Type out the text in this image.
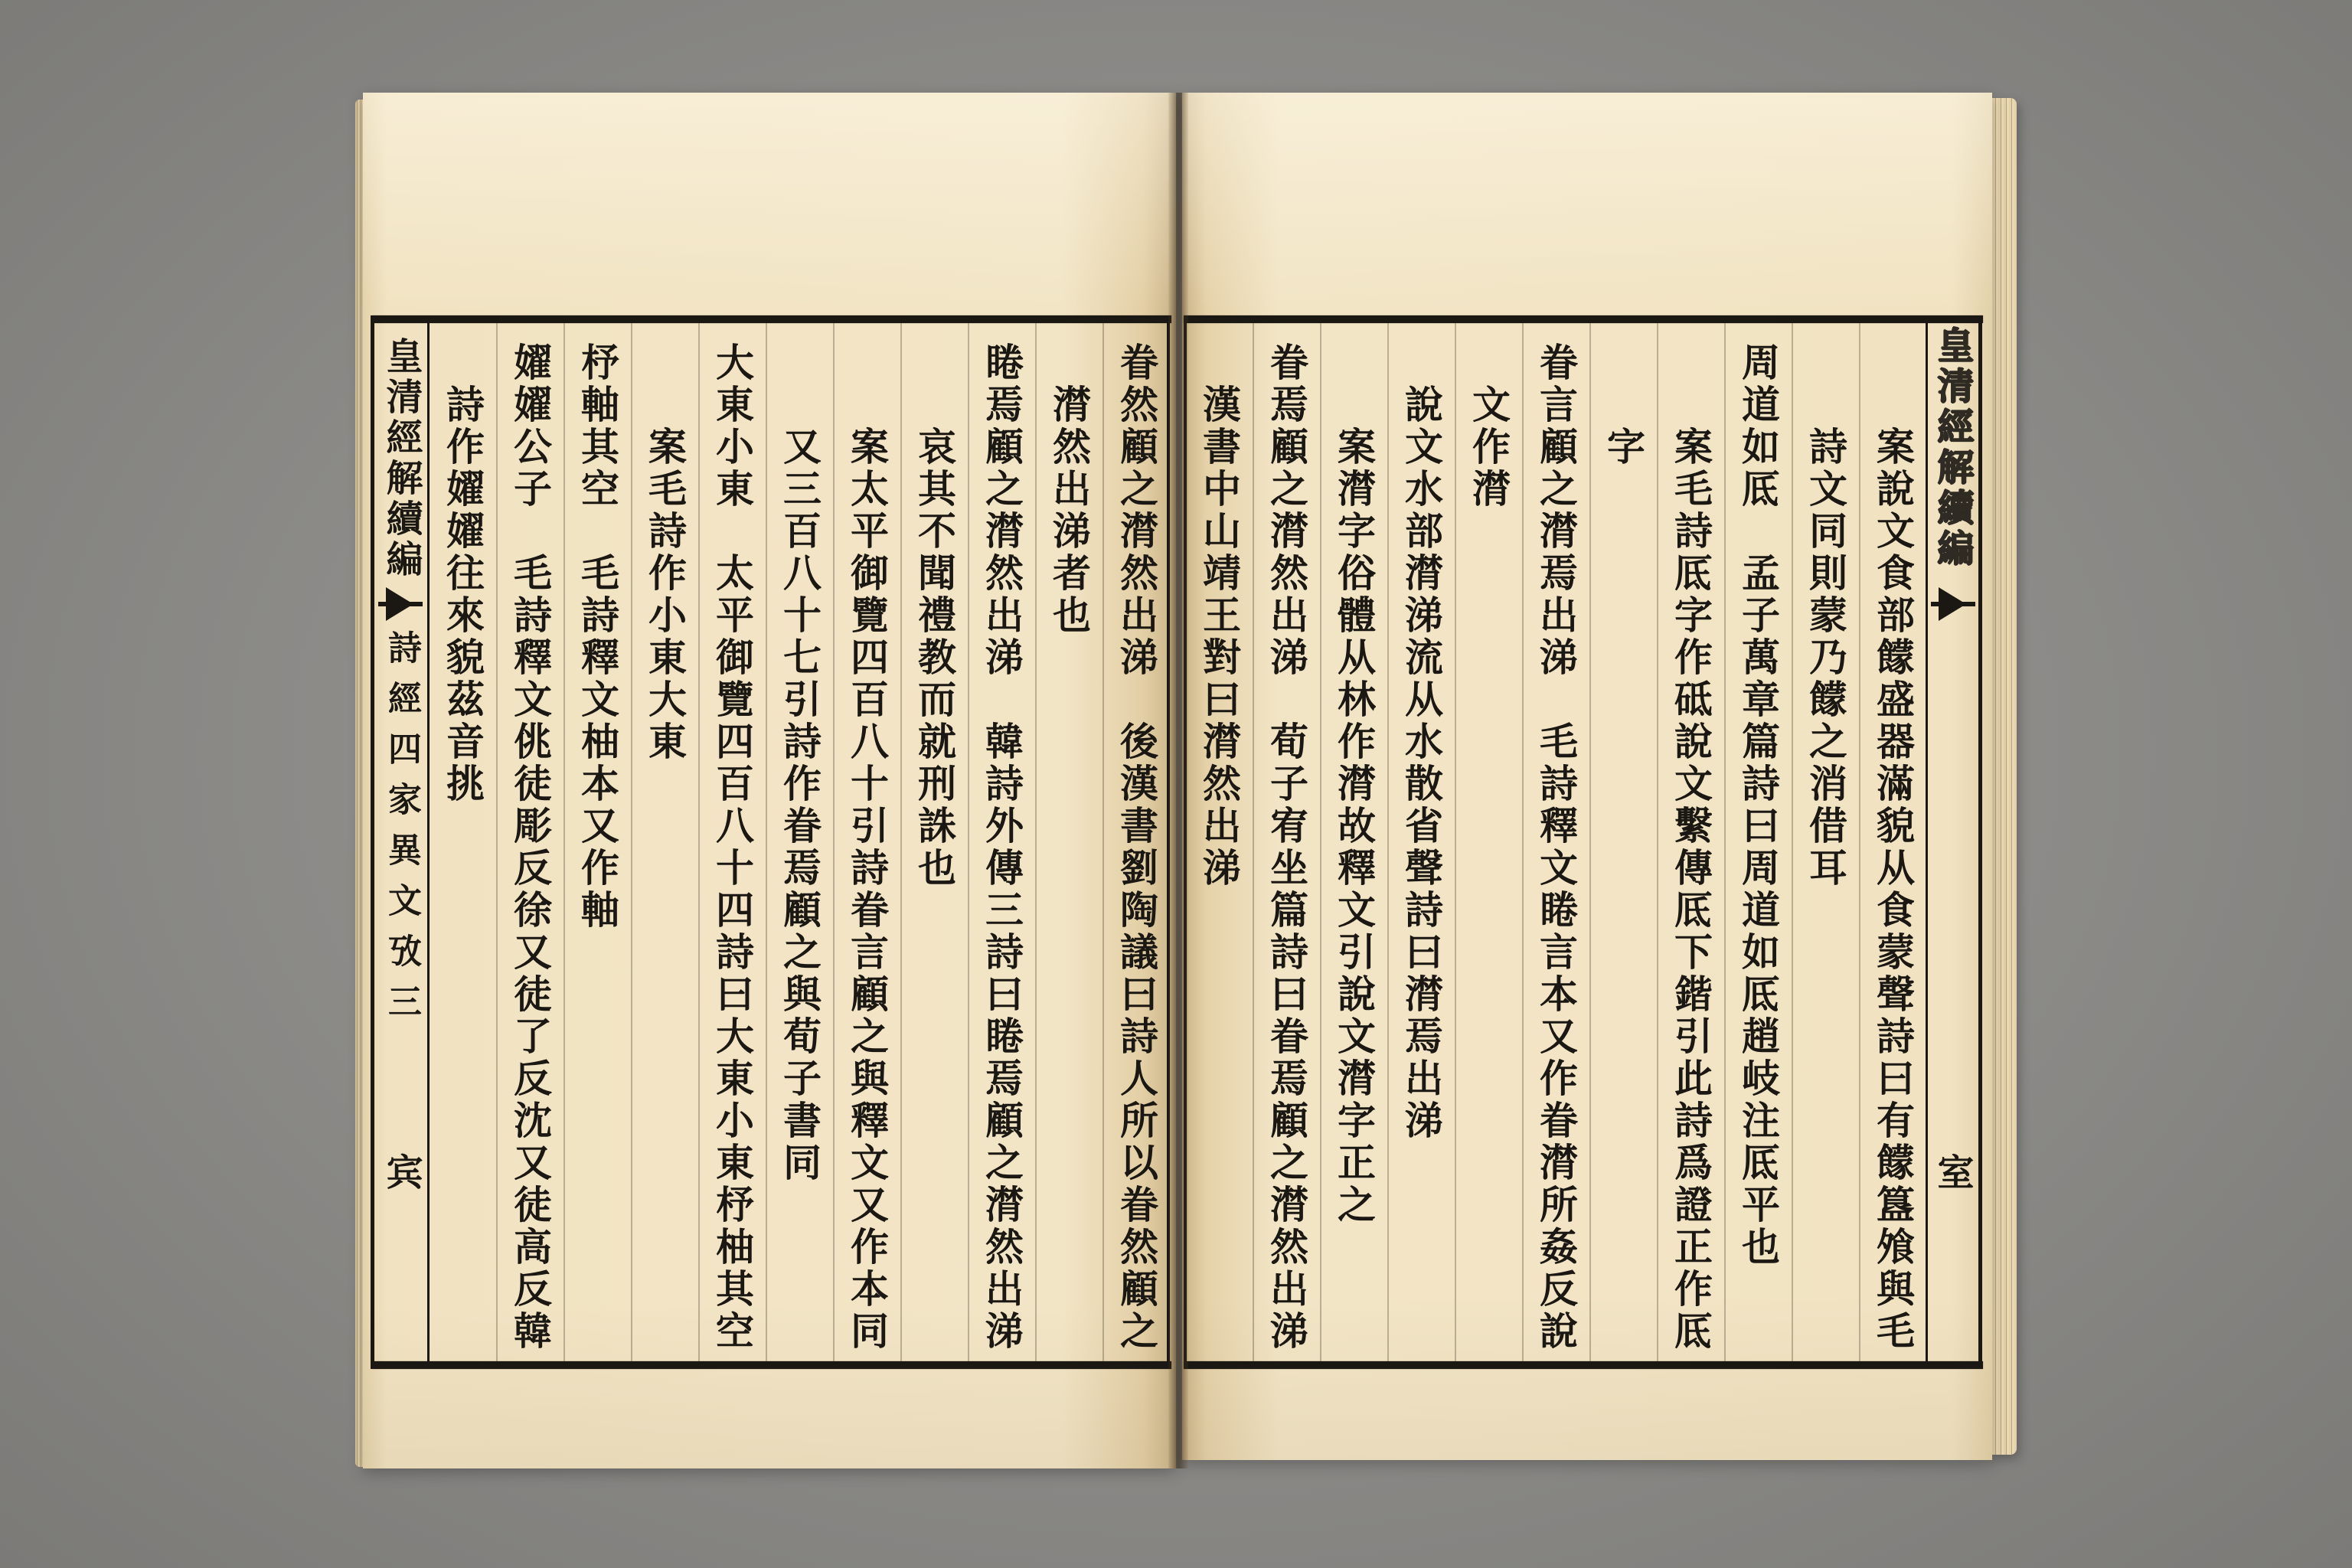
皇清經解續編
詩經四家異文攷三
宾	眷然顧之潸然出涕　後漢書劉陶議曰詩人所以眷然顧之
潸然出涕者也
睠焉顧之潸然出涕　韓詩外傳三詩曰睠焉顧之潸然出涕
哀其不聞禮教而就刑誅也
案太平御覽四百八十引詩眷言顧之與釋文又作本同
又三百八十七引詩作眷焉顧之與荀子書同
大東小東　太平御覽四百八十四詩曰大東小東杼柚其空
案毛詩作小東大東
杼軸其空　毛詩釋文柚本又作軸
嬥嬥公子　毛詩釋文佻徒彫反徐又徒了反沈又徒高反韓
詩作嬥嬥往來貌茲音挑	皇清經解續編
室
案說文食部饛盛器滿貌从食蒙聲詩曰有饛簋飧與毛
詩文同則蒙乃饛之消借耳
周道如厎　孟子萬章篇詩曰周道如厎趙岐注厎平也
案毛詩厎字作砥說文繫傳厎下鍇引此詩爲證正作厎
字
眷言顧之潸焉出涕　毛詩釋文睠言本又作眷潸所姦反說
文作潸
說文水部潸涕流从水散省聲詩曰潸焉出涕
案潸字俗體从林作潸故釋文引說文潸字正之
眷焉顧之潸然出涕　荀子宥坐篇詩曰眷焉顧之潸然出涕
漢書中山靖王對曰潸然出涕
